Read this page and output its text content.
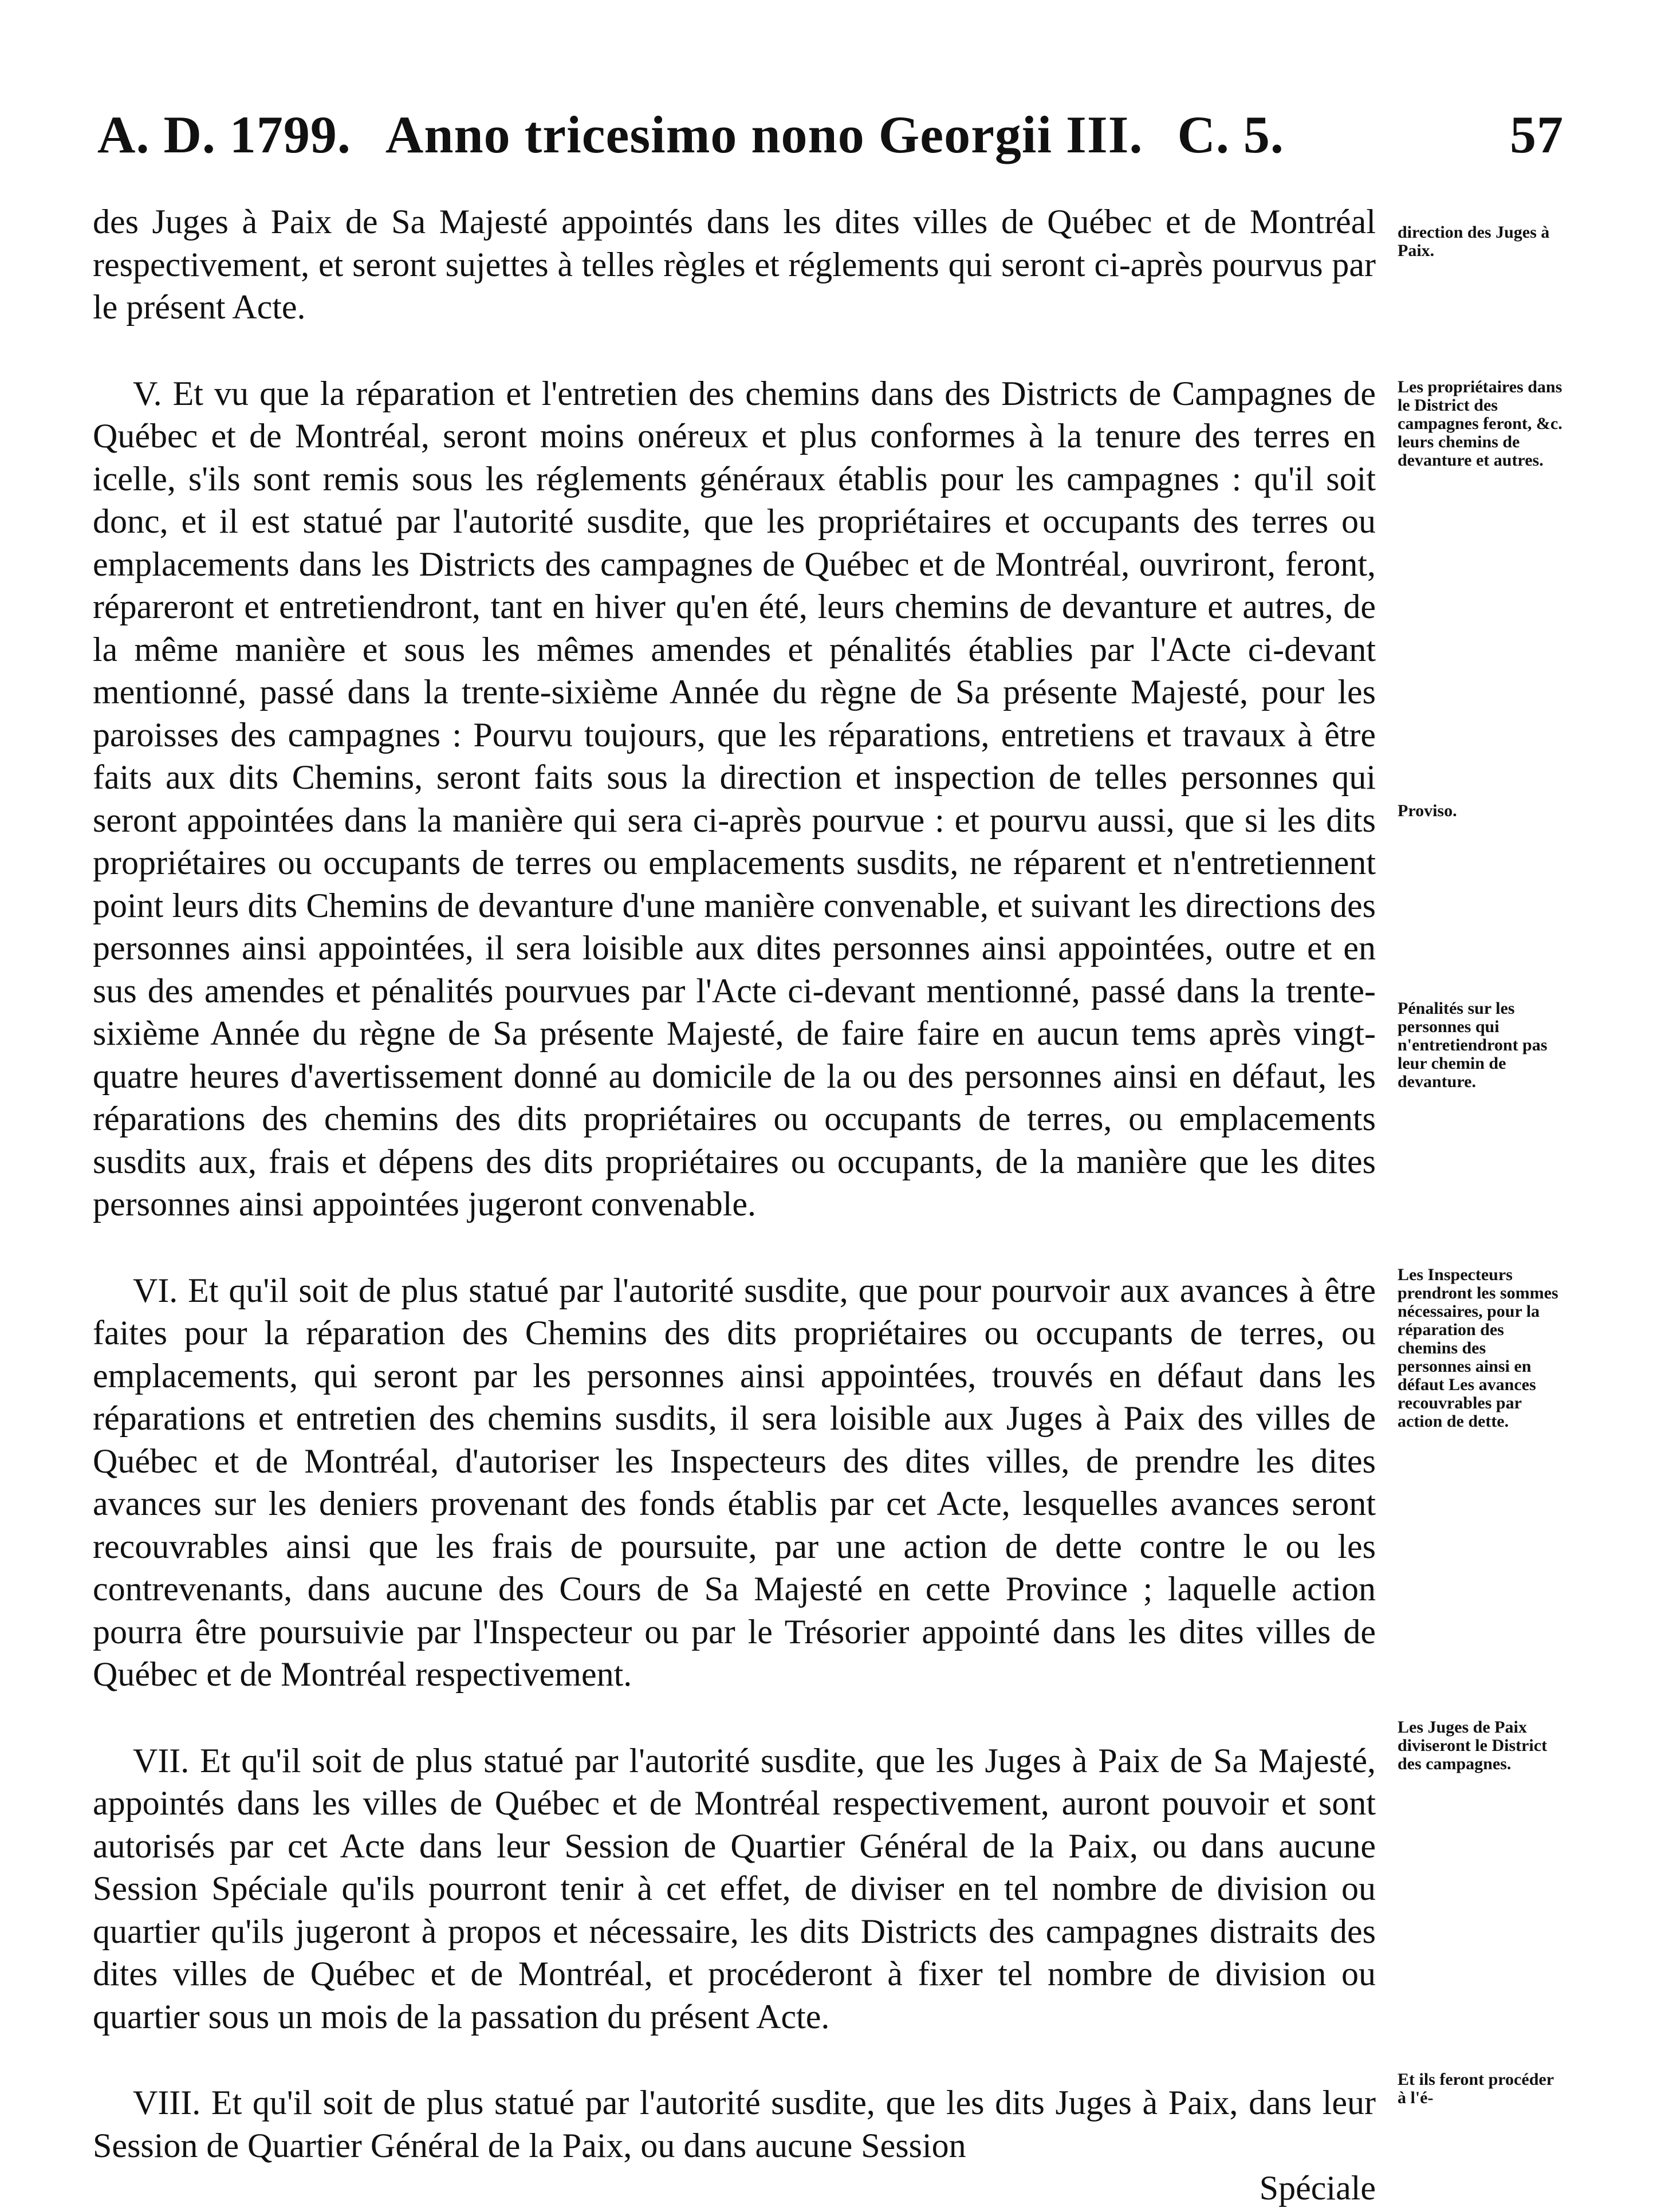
A. D. 1799. Anno tricesimo nono Georgii III. C. 5.	57

des Juges à Paix de Sa Majesté appointés dans les dites villes de Québec et de Montréal respectivement, et seront sujettes à telles règles et réglements qui seront ci-après pourvus par le présent Acte.

V. Et vu que la réparation et l'entretien des chemins dans des Districts de Campagnes de Québec et de Montréal, seront moins onéreux et plus conformes à la tenure des terres en icelle, s'ils sont remis sous les réglements généraux établis pour les campagnes : qu'il soit donc, et il est statué par l'autorité susdite, que les propriétaires et occupants des terres ou emplacements dans les Districts des campagnes de Québec et de Montréal, ouvriront, feront, répareront et entretiendront, tant en hiver qu'en été, leurs chemins de devanture et autres, de la même manière et sous les mêmes amendes et pénalités établies par l'Acte ci-devant mentionné, passé dans la trente-sixième Année du règne de Sa présente Majesté, pour les paroisses des campagnes : Pourvu toujours, que les réparations, entretiens et travaux à être faits aux dits Chemins, seront faits sous la direction et inspection de telles personnes qui seront appointées dans la manière qui sera ci-après pourvue : et pourvu aussi, que si les dits propriétaires ou occupants de terres ou emplacements susdits, ne réparent et n'entretiennent point leurs dits Chemins de devanture d'une manière convenable, et suivant les directions des personnes ainsi appointées, il sera loisible aux dites personnes ainsi appointées, outre et en sus des amendes et pénalités pourvues par l'Acte ci-devant mentionné, passé dans la trente-sixième Année du règne de Sa présente Majesté, de faire faire en aucun tems après vingt-quatre heures d'avertissement donné au domicile de la ou des personnes ainsi en défaut, les réparations des chemins des dits propriétaires ou occupants de terres, ou emplacements susdits aux, frais et dépens des dits propriétaires ou occupants, de la manière que les dites personnes ainsi appointées jugeront convenable.

VI. Et qu'il soit de plus statué par l'autorité susdite, que pour pourvoir aux avances à être faites pour la réparation des Chemins des dits propriétaires ou occupants de terres, ou emplacements, qui seront par les personnes ainsi appointées, trouvés en défaut dans les réparations et entretien des chemins susdits, il sera loisible aux Juges à Paix des villes de Québec et de Montréal, d'autoriser les Inspecteurs des dites villes, de prendre les dites avances sur les deniers provenant des fonds établis par cet Acte, lesquelles avances seront recouvrables ainsi que les frais de poursuite, par une action de dette contre le ou les contrevenants, dans aucune des Cours de Sa Majesté en cette Province ; laquelle action pourra être poursuivie par l'Inspecteur ou par le Trésorier appointé dans les dites villes de Québec et de Montréal respectivement.

VII. Et qu'il soit de plus statué par l'autorité susdite, que les Juges à Paix de Sa Majesté, appointés dans les villes de Québec et de Montréal respectivement, auront pouvoir et sont autorisés par cet Acte dans leur Session de Quartier Général de la Paix, ou dans aucune Session Spéciale qu'ils pourront tenir à cet effet, de diviser en tel nombre de division ou quartier qu'ils jugeront à propos et nécessaire, les dits Districts des campagnes distraits des dites villes de Québec et de Montréal, et procéderont à fixer tel nombre de division ou quartier sous un mois de la passation du présent Acte.

VIII. Et qu'il soit de plus statué par l'autorité susdite, que les dits Juges à Paix, dans leur Session de Quartier Général de la Paix, ou dans aucune Session

Spéciale

direction des Juges à Paix.
Les propriétaires dans le District des campagnes feront, &c. leurs chemins de devanture et autres.
Proviso.
Pénalités sur les personnes qui n'entretiendront pas leur chemin de devanture.
Les Inspecteurs prendront les sommes nécessaires, pour la réparation des chemins des personnes ainsi en défaut Les avances recouvrables par action de dette.
Les Juges de Paix diviseront le District des campagnes.
Et ils feront procéder à l'é-
